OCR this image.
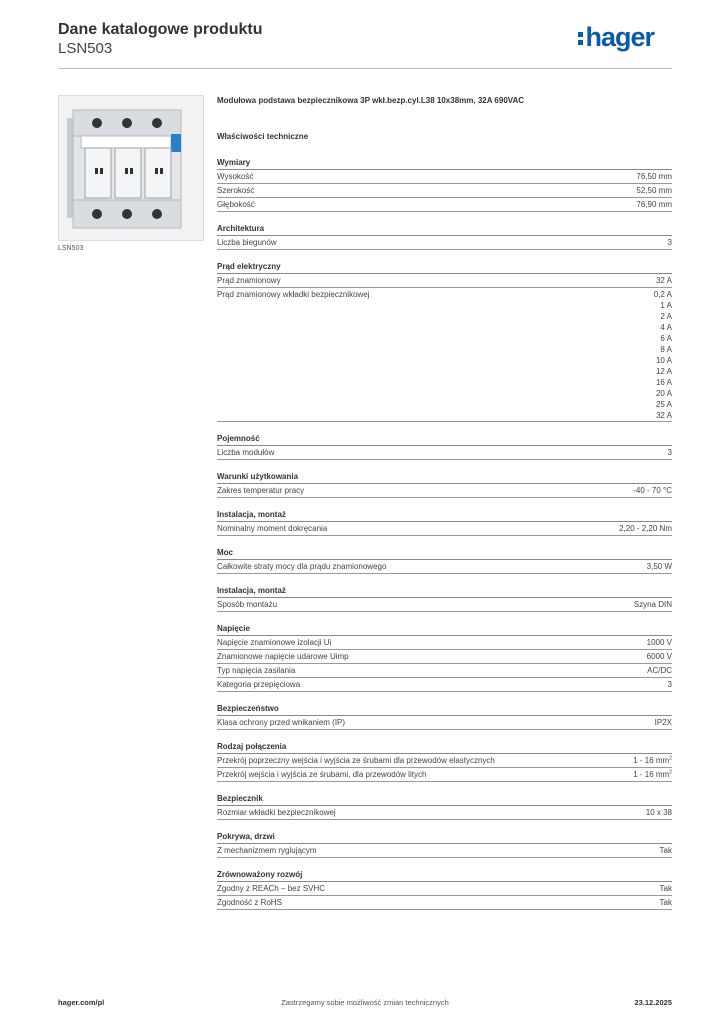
Dane katalogowe produktu
LSN503	hager
LSN503
Modułowa podstawa bezpiecznikowa 3P wkł.bezp.cyl.L38 10x38mm, 32A 690VAC
Właściwości techniczne
Wymiary
Wysokość	76,50 mm
Szerokość	52,50 mm
Głębokość	76,90 mm
Architektura
Liczba biegunów	3
Prąd elektryczny
Prąd znamionowy	32 A
Prąd znamionowy wkładki bezpiecznikowej	0,2 A
1 A
2 A
4 A
6 A
8 A
10 A
12 A
16 A
20 A
25 A
32 A
Pojemność
Liczba modułów	3
Warunki użytkowania
Zakres temperatur pracy	-40 - 70 °C
Instalacja, montaż
Nominalny moment dokręcania	2,20 - 2,20 Nm
Moc
Całkowite straty mocy dla prądu znamionowego	3,50 W
Instalacja, montaż
Sposób montażu	Szyna DIN
Napięcie
Napięcie znamionowe izolacji Ui	1000 V
Znamionowe napięcie udarowe Uimp	6000 V
Typ napięcia zasilania	AC/DC
Kategoria przepięciowa	3
Bezpieczeństwo
Klasa ochrony przed wnikaniem (IP)	IP2X
Rodzaj połączenia
Przekrój poprzeczny wejścia i wyjścia ze śrubami dla przewodów elastycznych	1 - 16 $mm^2$
Przekrój wejścia i wyjścia ze śrubami, dla przewodów litych	1 - 16 $mm^2$
Bezpiecznik
Rozmiar wkładki bezpiecznikowej	10 x 38
Pokrywa, drzwi
Z mechanizmem ryglującym	Tak
Zrównoważony rozwój
Zgodny z REACh – bez SVHC	Tak
Zgodność z RoHS	Tak
hager.com/pl	Zastrzegamy sobie możliwość zmian technicznych	23.12.2025
